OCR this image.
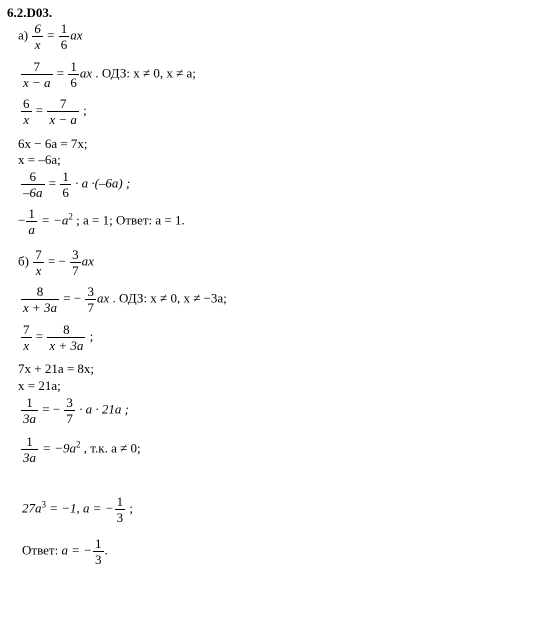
6.2.D03.
$а) \frac{6}{x} = \frac{1}{6}$ ax
$\frac{7}{x - a} = \frac{1}{6}$ ax . ОДЗ: x ≠ 0, x ≠ a;
$\frac{6}{x} = \frac{7}{x - a}$ ;
6x − 6a = 7x;
x = –6a;
$\frac{6}{-6a} = \frac{1}{6} \cdot a \cdot(-6a)$ ;
− $\frac{1}{a} = -a^2$ ; a = 1; Ответ: a = 1.
$б) \frac{7}{x}$ = − $\frac{3}{7}$ ax
$\frac{8}{x + 3a}$ = − $\frac{3}{7}$ ax . ОДЗ: x ≠ 0, x ≠ −3a;
$\frac{7}{x} = \frac{8}{x + 3a}$ ;
7x + 21a = 8x;
x = 21a;
$\frac{1}{3a}$ = − $\frac{3}{7} \cdot a \cdot 21a$ ;
$\frac{1}{3a} = -9a^2$ , т.к. a ≠ 0;
$27a^3 = -1$, a = − $\frac{1}{3}$ ;
Ответ: a = − $\frac{1}{3}$ .
